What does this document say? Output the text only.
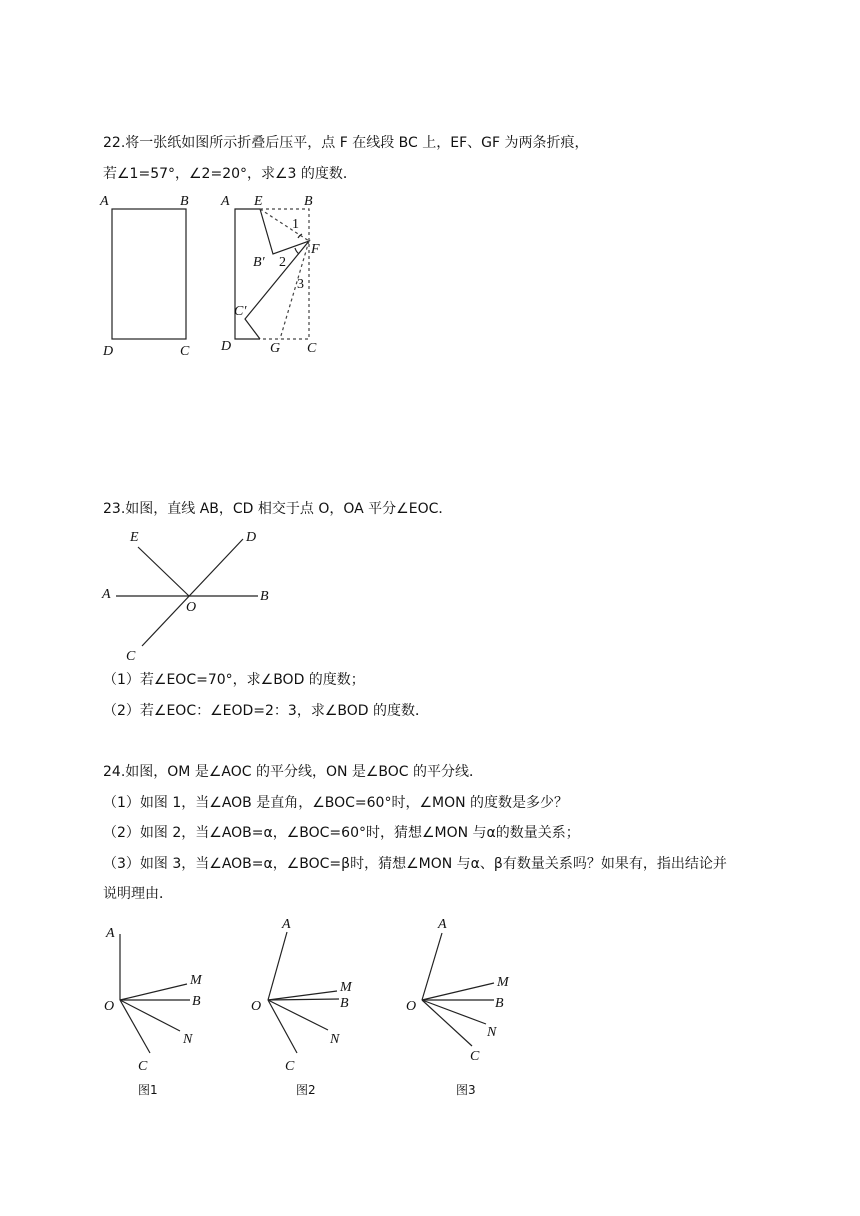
22.将一张纸如图所示折叠后压平，点 F 在线段 BC 上，EF、GF 为两条折痕，
若∠1=57°，∠2=20°，求∠3 的度数．
A	B
D	C
A E	B
1
F
B′ 2
3
C′
D	G C
23.如图，直线 AB，CD 相交于点 O，OA 平分∠EOC．
E	D
A
O
B
C
（1）若∠EOC=70°，求∠BOD 的度数；
（2）若∠EOC：∠EOD=2：3，求∠BOD 的度数．
24.如图，OM 是∠AOC 的平分线，ON 是∠BOC 的平分线．
（1）如图 1，当∠AOB 是直角，∠BOC=60°时，∠MON 的度数是多少？
（2）如图 2，当∠AOB=α，∠BOC=60°时，猜想∠MON 与α的数量关系；
（3）如图 3，当∠AOB=α，∠BOC=β时，猜想∠MON 与α、β有数量关系吗？如果有，指出结论并
说明理由．
A
M
O	B
N
C
图1
A
M
O	B
N
C
图2
A
M
O	B
N
C
图3
